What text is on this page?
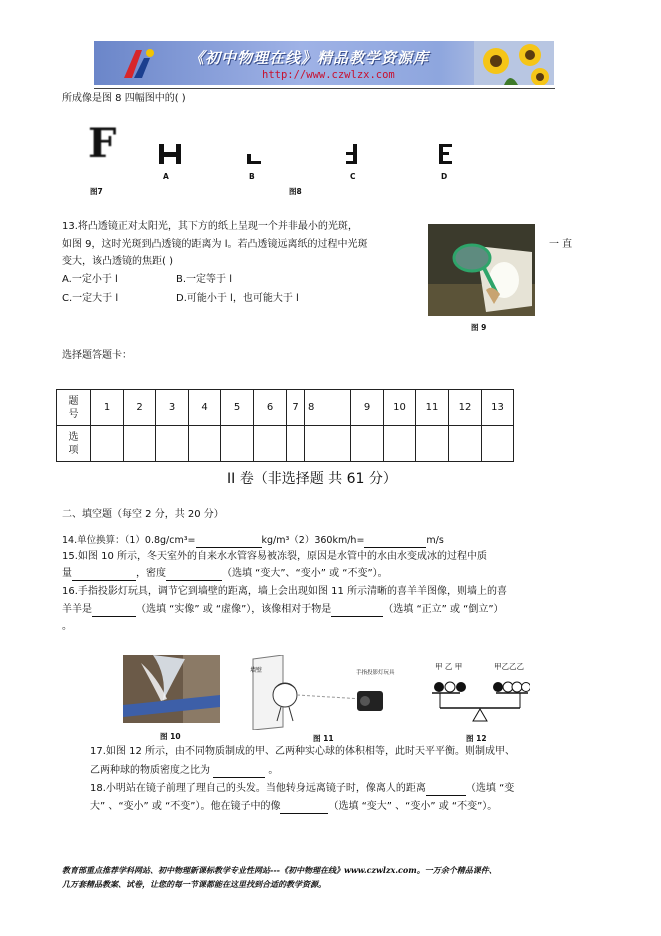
《初中物理在线》精品教学资源库
http://www.czwlzx.com
所成像是图 8 四幅图中的( )
F
图7
A	B	C	D
图8
13.将凸透镜正对太阳光，其下方的纸上呈现一个并非最小的光斑，
如图 9，这时光斑到凸透镜的距离为 l。若凸透镜远离纸的过程中光斑	一 直
变大，该凸透镜的焦距( )
A.一定小于 l	B.一定等于 l
C.一定大于 l	D.可能小于 l，也可能大于 l
图 9
选择题答题卡：
题
号	1	2	3	4	5	6	7	8	9	10	11	12	13
选
项													
II 卷（非选择题 共 61 分）
二、填空题（每空 2 分，共 20 分）
14.单位换算：（1）0.8g/cm³=	kg/m³（2）360km/h=	m/s
15.如图 10 所示，冬天室外的自来水水管容易被冻裂，原因是水管中的水由水变成冰的过程中质
量	，密度	（选填 “变大”、“变小” 或 “不变”）。
16.手指投影灯玩具，调节它到墙壁的距离，墙上会出现如图 11 所示清晰的喜羊羊图像，则墙上的喜
羊羊是	（选填 “实像” 或 “虚像”），该像相对于物是	（选填 “正立” 或 “倒立”）
。
图 10
墙壁	手指投影灯玩具
图 11
甲 乙 甲	甲乙乙乙
图 12
17.如图 12 所示，由不同物质制成的甲、乙两种实心球的体积相等，此时天平平衡。则制成甲、
乙两种球的物质密度之比为	。
18.小明站在镜子前理了理自己的头发。当他转身远离镜子时，像离人的距离	（选填 “变
大” 、“变小” 或 “不变”）。他在镜子中的像	（选填 “变大” 、“变小” 或 “不变”）。
教育部重点推荐学科网站、初中物理新课标教学专业性网站---《初中物理在线》www.czwlzx.com。一万余个精品课件、
几万套精品教案、试卷，让您的每一节课都能在这里找到合适的教学资源。
